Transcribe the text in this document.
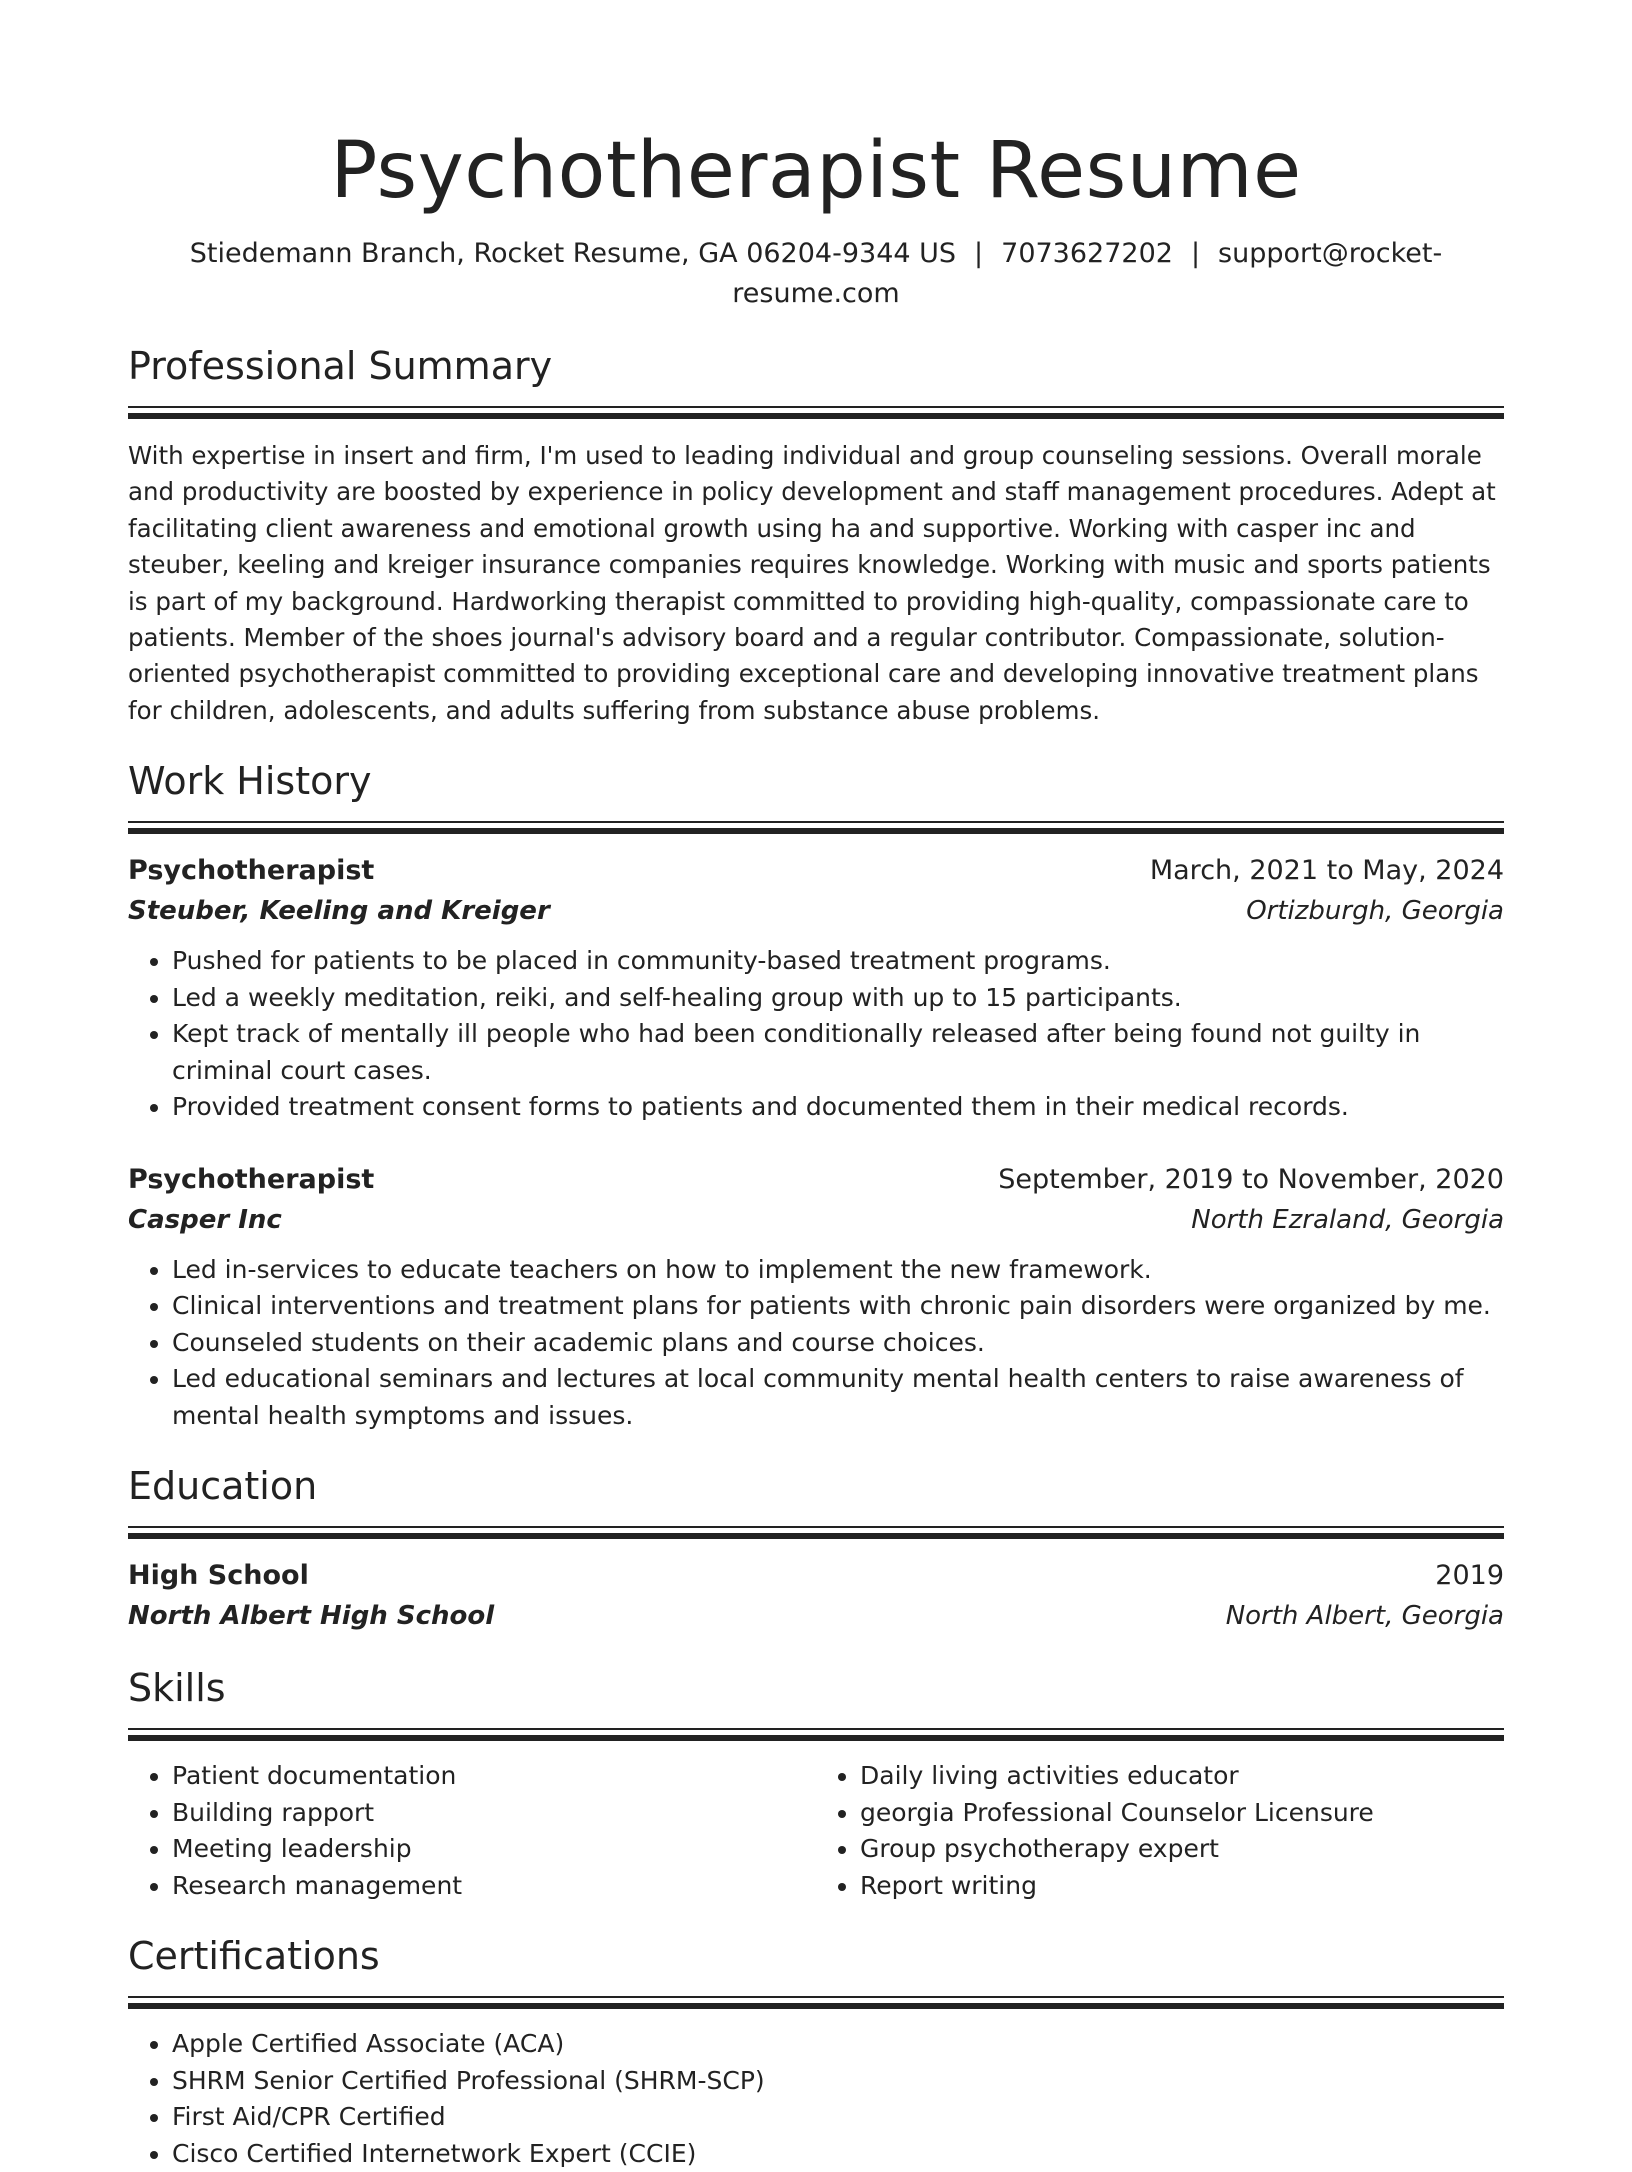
Psychotherapist Resume
Stiedemann Branch, Rocket Resume, GA 06204-9344 US | 7073627202 | support@rocket-resume.com
Professional Summary
With expertise in insert and firm, I'm used to leading individual and group counseling sessions. Overall morale and productivity are boosted by experience in policy development and staff management procedures. Adept at facilitating client awareness and emotional growth using ha and supportive. Working with casper inc and steuber, keeling and kreiger insurance companies requires knowledge. Working with music and sports patients is part of my background. Hardworking therapist committed to providing high-quality, compassionate care to patients. Member of the shoes journal's advisory board and a regular contributor. Compassionate, solution-oriented psychotherapist committed to providing exceptional care and developing innovative treatment plans for children, adolescents, and adults suffering from substance abuse problems.
Work History
Psychotherapist	March, 2021 to May, 2024
Steuber, Keeling and Kreiger	Ortizburgh, Georgia
• Pushed for patients to be placed in community-based treatment programs.
• Led a weekly meditation, reiki, and self-healing group with up to 15 participants.
• Kept track of mentally ill people who had been conditionally released after being found not guilty in criminal court cases.
• Provided treatment consent forms to patients and documented them in their medical records.
Psychotherapist	September, 2019 to November, 2020
Casper Inc	North Ezraland, Georgia
• Led in-services to educate teachers on how to implement the new framework.
• Clinical interventions and treatment plans for patients with chronic pain disorders were organized by me.
• Counseled students on their academic plans and course choices.
• Led educational seminars and lectures at local community mental health centers to raise awareness of mental health symptoms and issues.
Education
High School	2019
North Albert High School	North Albert, Georgia
Skills
• Patient documentation
• Building rapport
• Meeting leadership
• Research management
• Daily living activities educator
• georgia Professional Counselor Licensure
• Group psychotherapy expert
• Report writing
Certifications
• Apple Certified Associate (ACA)
• SHRM Senior Certified Professional (SHRM-SCP)
• First Aid/CPR Certified
• Cisco Certified Internetwork Expert (CCIE)
